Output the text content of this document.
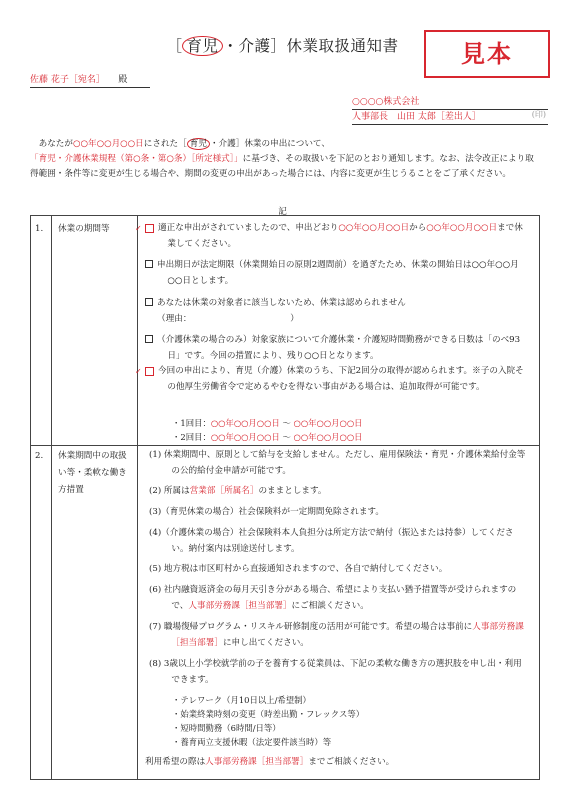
［ 育児 ・介護］休業取扱通知書	見本
佐藤 花子［宛名］　　 殿
○○○○株式会社
人事部長　山田 太郎［差出人］	(印)
あなたが○○年○○月○○日にされた［ 育児 ・介護］休業の申出について、「育児・介護休業規程（第○条・第○条）［所定様式］」に基づき、その取扱いを下記のとおり通知します。なお、法令改正により取得範囲・条件等に変更が生じる場合や、期間の変更の申出があった場合には、内容に変更が生じうることをご了承ください。
記
1. 休業の期間等
2. 休業期間中の取扱い等・柔軟な働き方措置
✓ 適正な申出がされていましたので、申出どおり○○年○○月○○日から○○年○○月○○日まで休業してください。
申出期日が法定期限（休業開始日の原則2週間前）を過ぎたため、休業の開始日は○○年○○月○○日とします。
あなたは休業の対象者に該当しないため、休業は認められません
（理由：　　　　　　　　　　　　）
（介護休業の場合のみ）対象家族について介護休業・介護短時間勤務ができる日数は「のべ93日」です。今回の措置により、残り○○日となります。
✓ 今回の申出により、育児（介護）休業のうち、下記2回分の取得が認められます。※子の入院その他厚生労働省令で定めるやむを得ない事由がある場合は、追加取得が可能です。
・1回目：○○年○○月○○日 〜 ○○年○○月○○日
・2回目：○○年○○月○○日 〜 ○○年○○月○○日
(1) 休業期間中、原則として給与を支給しません。ただし、雇用保険法・育児・介護休業給付金等の公的給付金申請が可能です。
(2) 所属は営業部［所属名］のままとします。
(3)（育児休業の場合）社会保険料が一定期間免除されます。
(4)（介護休業の場合）社会保険料本人負担分は所定方法で納付（振込または持参）してください。納付案内は別途送付します。
(5) 地方税は市区町村から直接通知されますので、各自で納付してください。
(6) 社内融資返済金の毎月天引き分がある場合、希望により支払い猶予措置等が受けられますので、人事部労務課［担当部署］にご相談ください。
(7) 職場復帰プログラム・リスキル研修制度の活用が可能です。希望の場合は事前に人事部労務課［担当部署］に申し出てください。
(8) 3歳以上小学校就学前の子を養育する従業員は、下記の柔軟な働き方の選択肢を申し出・利用できます。
・テレワーク（月10日以上/希望制）
・始業終業時刻の変更（時差出勤・フレックス等）
・短時間勤務（6時間/日等）
・養育両立支援休暇（法定要件該当時）等
利用希望の際は人事部労務課［担当部署］までご相談ください。
